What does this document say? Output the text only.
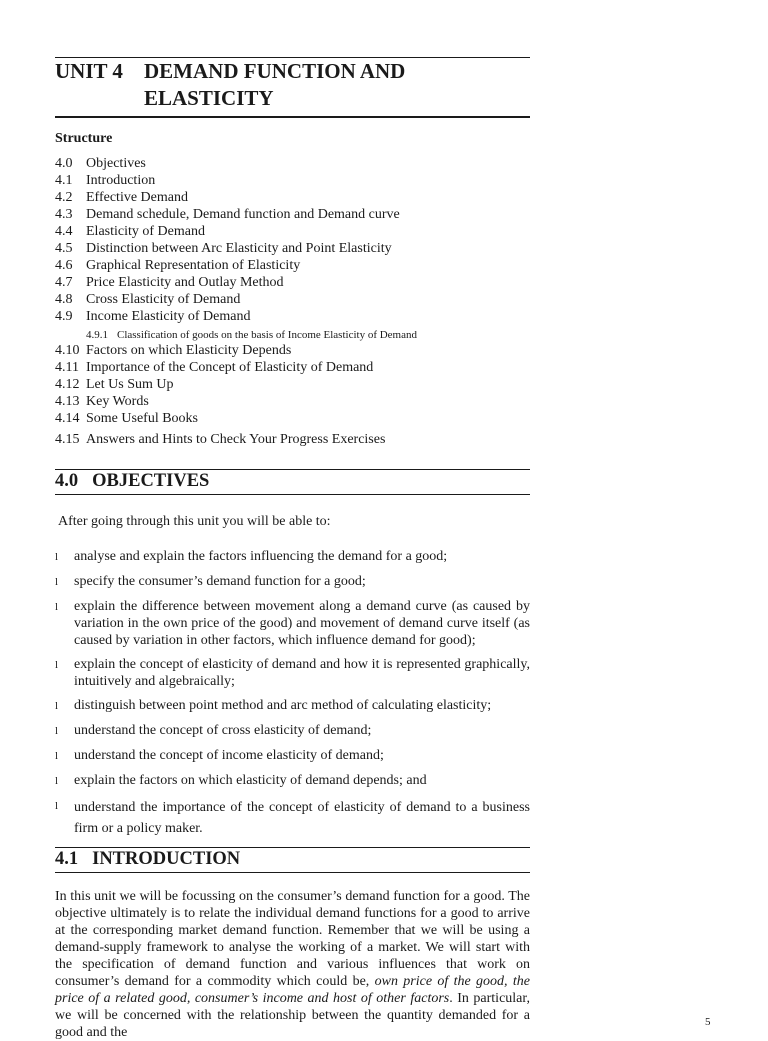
UNIT 4 DEMAND FUNCTION AND
ELASTICITY
Structure
4.0 Objectives
4.1 Introduction
4.2 Effective Demand
4.3 Demand schedule, Demand function and Demand curve
4.4 Elasticity of Demand
4.5 Distinction between Arc Elasticity and Point Elasticity
4.6 Graphical Representation of Elasticity
4.7 Price Elasticity and Outlay Method
4.8 Cross Elasticity of Demand
4.9 Income Elasticity of Demand
4.10 Factors on which Elasticity Depends
4.11 Importance of the Concept of Elasticity of Demand
4.12 Let Us Sum Up
4.13 Key Words
4.14 Some Useful Books
4.15 Answers and Hints to Check Your Progress Exercises
4.9.1 Classification of goods on the basis of Income Elasticity of Demand
4.0 OBJECTIVES
After going through this unit you will be able to:
l analyse and explain the factors influencing the demand for a good;
l specify the consumer’s demand function for a good;
l explain the difference between movement along a demand curve (as caused by variation in the own price of the good) and movement of demand curve itself (as caused by variation in other factors, which influence demand for good);
l explain the concept of elasticity of demand and how it is represented graphically, intuitively and algebraically;
l distinguish between point method and arc method of calculating elasticity;
l understand the concept of cross elasticity of demand;
l understand the concept of income elasticity of demand;
l explain the factors on which elasticity of demand depends; and
l understand the importance of the concept of elasticity of demand to a business firm or a policy maker.
4.1 INTRODUCTION
In this unit we will be focussing on the consumer’s demand function for a good. The objective ultimately is to relate the individual demand functions for a good to arrive at the corresponding market demand function. Remember that we will be using a demand-supply framework to analyse the working of a market. We will start with the specification of demand function and various influences that work on consumer’s demand for a commodity which could be, own price of the good, the price of a related good, consumer’s income and host of other factors. In particular, we will be concerned with the relationship between the quantity demanded for a good and the
5
